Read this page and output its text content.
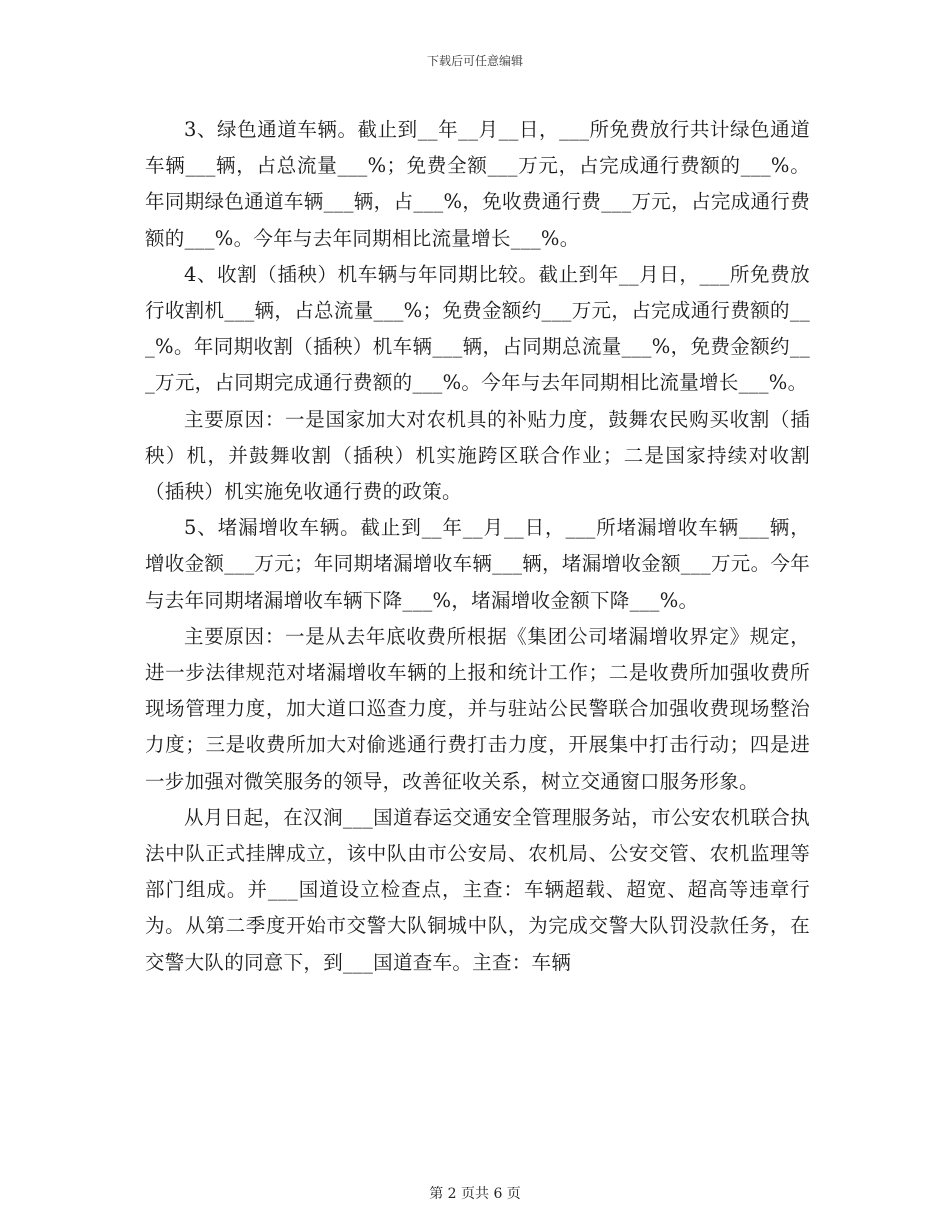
下载后可任意编辑

3、绿色通道车辆。截止到__年__月__日，___所免费放行共计绿色通道车辆___辆，占总流量___%；免费全额___万元，占完成通行费额的___%。年同期绿色通道车辆___辆，占___%，免收费通行费___万元，占完成通行费额的___%。今年与去年同期相比流量增长___%。

4、收割（插秧）机车辆与年同期比较。截止到年__月日，___所免费放行收割机___辆，占总流量___%；免费金额约___万元，占完成通行费额的___%。年同期收割（插秧）机车辆___辆，占同期总流量___%，免费金额约___万元，占同期完成通行费额的___%。今年与去年同期相比流量增长___%。

主要原因：一是国家加大对农机具的补贴力度，鼓舞农民购买收割（插秧）机，并鼓舞收割（插秧）机实施跨区联合作业；二是国家持续对收割（插秧）机实施免收通行费的政策。

5、堵漏增收车辆。截止到__年__月__日，___所堵漏增收车辆___辆，增收金额___万元；年同期堵漏增收车辆___辆，堵漏增收金额___万元。今年与去年同期堵漏增收车辆下降___%，堵漏增收金额下降___%。

主要原因：一是从去年底收费所根据《集团公司堵漏增收界定》规定，进一步法律规范对堵漏增收车辆的上报和统计工作；二是收费所加强收费所现场管理力度，加大道口巡查力度，并与驻站公民警联合加强收费现场整治力度；三是收费所加大对偷逃通行费打击力度，开展集中打击行动；四是进一步加强对微笑服务的领导，改善征收关系，树立交通窗口服务形象。

从月日起，在汉涧___国道春运交通安全管理服务站，市公安农机联合执法中队正式挂牌成立，该中队由市公安局、农机局、公安交管、农机监理等部门组成。并___国道设立检查点，主查：车辆超载、超宽、超高等违章行为。从第二季度开始市交警大队铜城中队，为完成交警大队罚没款任务，在交警大队的同意下，到___国道查车。主查：车辆

第 2 页共 6 页
